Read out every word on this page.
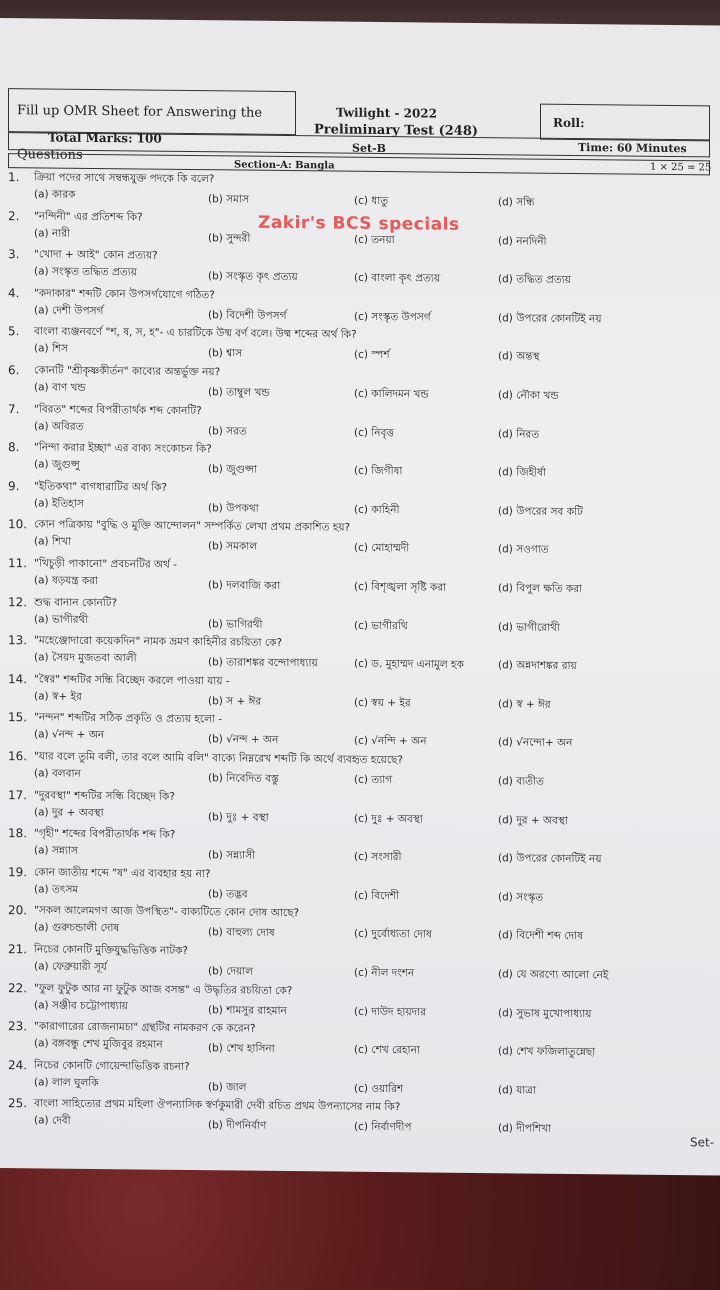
Fill up OMR Sheet for Answering the Questions
Twilight - 2022
Preliminary Test (248)	Roll:
Total Marks: 100
Set-B	Time: 60 Minutes
Section-A: Bangla	1 × 25 = 25
Zakir's BCS specials
1. ক্রিয়া পদের সাথে সম্বন্ধযুক্ত পদকে কি বলে?
(a) কারক	(b) সমাস	(c) ধাতু	(d) সন্ধি
2. "নন্দিনী" এর প্রতিশব্দ কি?
(a) নারী	(b) সুন্দরী	(c) তনয়া	(d) ননদিনী
3. "খোদা + আই" কোন প্রত্যয়?
(a) সংস্কৃত তদ্ধিত প্রত্যয়	(b) সংস্কৃত কৃৎ প্রত্যয়	(c) বাংলা কৃৎ প্রত্যয়	(d) তদ্ধিত প্রত্যয়
4. "কদাকার" শব্দটি কোন উপসর্গযোগে গঠিত?
(a) দেশী উপসর্গ	(b) বিদেশী উপসর্গ	(c) সংস্কৃত উপসর্গ	(d) উপরের কোনটিই নয়
5. বাংলা ব্যঞ্জনবর্ণে "শ, ষ, স, হ"- এ চারটিকে উষ্ম বর্ণ বলে। উষ্ম শব্দের অর্থ কি?
(a) শিস	(b) শ্বাস	(c) স্পর্শ	(d) অন্তস্থ
6. কোনটি "শ্রীকৃষ্ণকীর্তন" কাব্যের অন্তর্ভুক্ত নয়?
(a) বাণ খন্ড	(b) তাম্বুল খন্ড	(c) কালিদমন খন্ড	(d) নৌকা খন্ড
7. "বিরত" শব্দের বিপরীতার্থক শব্দ কোনটি?
(a) অবিরত	(b) সরত	(c) নিবৃত্ত	(d) নিরত
8. "নিন্দা করার ইচ্ছা" এর বাক্য সংকোচন কি?
(a) জুগুপ্সু	(b) জুগুপ্সা	(c) জিগীষা	(d) জিহীর্ষা
9. "ইতিকথা" বাগধারাটির অর্থ কি?
(a) ইতিহাস	(b) উপকথা	(c) কাহিনী	(d) উপরের সব কটি
10. কোন পত্রিকায় "বুদ্ধি ও মুক্তি আন্দোলন" সম্পর্কিত লেখা প্রথম প্রকাশিত হয়?
(a) শিখা	(b) সমকাল	(c) মোহাম্মদী	(d) সওগাত
11. "খিচুড়ী পাকানো" প্রবচনটির অর্থ -
(a) ষড়যন্ত্র করা	(b) দলবাজি করা	(c) বিশৃঙ্খলা সৃষ্টি করা	(d) বিপুল ক্ষতি করা
12. শুদ্ধ বানান কোনটি?
(a) ভাগীরথী	(b) ভাগিরথী	(c) ভাগীরথি	(d) ভাগীরোথী
13. "মহেঞ্জোদারো কয়েকদিন" নামক ভ্রমণ কাহিনীর রচয়িতা কে?
(a) সৈয়দ মুজতবা আলী	(b) তারাশঙ্কর বন্দোপাধ্যায়	(c) ড. মুহাম্মদ এনামুল হক	(d) অন্নদাশঙ্কর রায়
14. "স্বৈর" শব্দটির সন্ধি বিচ্ছেদ করলে পাওয়া যায় -
(a) স্ব+ ইর	(b) স + ঈর	(c) স্বয় + ইর	(d) স্ব + ঈর
15. "নন্দন" শব্দটির সঠিক প্রকৃতি ও প্রত্যয় হলো -
(a) √নন্দ + অন	(b) √নন্দ + অন	(c) √নন্দি + অন	(d) √নন্দো+ অন
16. "যার বলে তুমি বলী, তার বলে আমি বলি" বাক্যে নিম্নরেখ শব্দটি কি অর্থে ব্যবহৃত হয়েছে?
(a) বলবান	(b) নিবেদিত বস্তু	(c) ত্যাগ	(d) ব্যতীত
17. "দুরবস্থা" শব্দটির সন্ধি বিচ্ছেদ কি?
(a) দুর + অবস্থা	(b) দুঃ + বস্থা	(c) দুঃ + অবস্থা	(d) দুর + অবস্থা
18. "গৃহী" শব্দের বিপরীতার্থক শব্দ কি?
(a) সন্ন্যাস	(b) সন্ন্যাসী	(c) সংসারী	(d) উপরের কোনটিই নয়
19. কোন জাতীয় শব্দে "ষ" এর ব্যবহার হয় না?
(a) তৎসম	(b) তদ্ভব	(c) বিদেশী	(d) সংস্কৃত
20. "সকল আলেমগণ আজ উপস্থিত"- বাক্যটিতে কোন দোষ আছে?
(a) গুরুচন্ডালী দোষ	(b) বাহুল্য দোষ	(c) দুর্বোধ্যতা দোষ	(d) বিদেশী শব্দ দোষ
21. নিচের কোনটি মুক্তিযুদ্ধভিত্তিক নাটক?
(a) ফেব্রুয়ারী সূর্য	(b) দেয়াল	(c) নীল দংশন	(d) যে অরণ্যে আলো নেই
22. "ফুল ফুটুক আর না ফুটুক আজ বসন্ত" এ উদ্ধৃতির রচয়িতা কে?
(a) সঞ্জীব চট্টোপাধ্যায়	(b) শামসুর রাহমান	(c) দাউদ হায়দার	(d) সুভাষ মুখোপাধ্যায়
23. "কারাগারের রোজনামচা" গ্রন্থটির নামকরণ কে করেন?
(a) বঙ্গবন্ধু শেখ মুজিবুর রহমান	(b) শেখ হাসিনা	(c) শেখ রেহানা	(d) শেখ ফজিলাতুন্নেছা
24. নিচের কোনটি গোয়েন্দাভিত্তিক রচনা?
(a) লাল ঘুলকি	(b) জাল	(c) ওয়ারিশ	(d) যাত্রা
25. বাংলা সাহিত্যের প্রথম মহিলা ঔপন্যাসিক স্বর্ণকুমারী দেবী রচিত প্রথম উপন্যাসের নাম কি?
(a) দেবী	(b) দীপনির্বাণ	(c) নির্বাণদীপ	(d) দীপশিখা
Set-
